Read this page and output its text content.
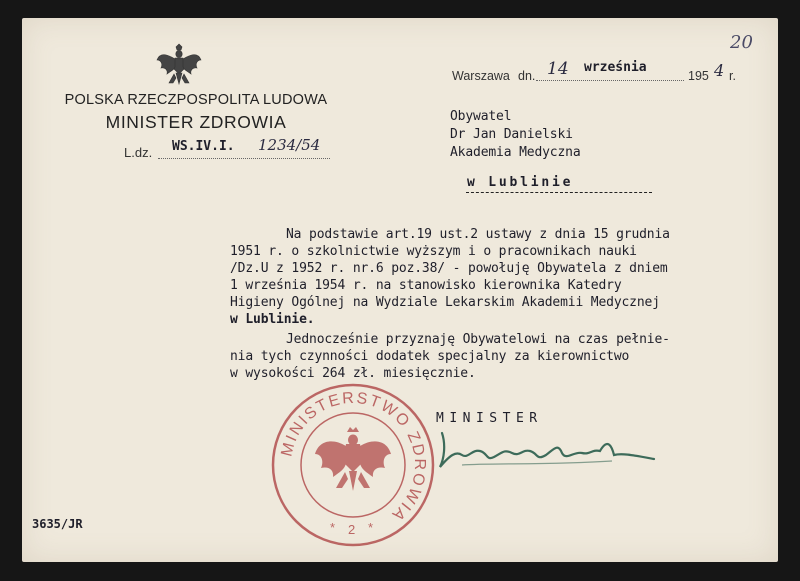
POLSKA RZECZPOSPOLITA LUDOWA
MINISTER ZDROWIA
L.dz. WS.IV.I. 1234/54
20
Warszawa dn. 14 września
195 4 r.
Obywatel
Dr Jan Danielski
Akademia Medyczna
w Lublinie
Na podstawie art.19 ust.2 ustawy z dnia 15 grudnia
1951 r. o szkolnictwie wyższym i o pracownikach nauki
/Dz.U z 1952 r. nr.6 poz.38/ - powołuję Obywatela z dniem
1 września 1954 r. na stanowisko kierownika Katedry
Higieny Ogólnej na Wydziale Lekarskim Akademii Medycznej
w Lublinie.
Jednocześnie przyznaję Obywatelowi na czas pełnie-
nia tych czynności dodatek specjalny za kierownictwo
w wysokości 264 zł. miesięcznie.
MINISTERSTWO ZDROWIA
* 2 *
MINISTER
3635/JR
